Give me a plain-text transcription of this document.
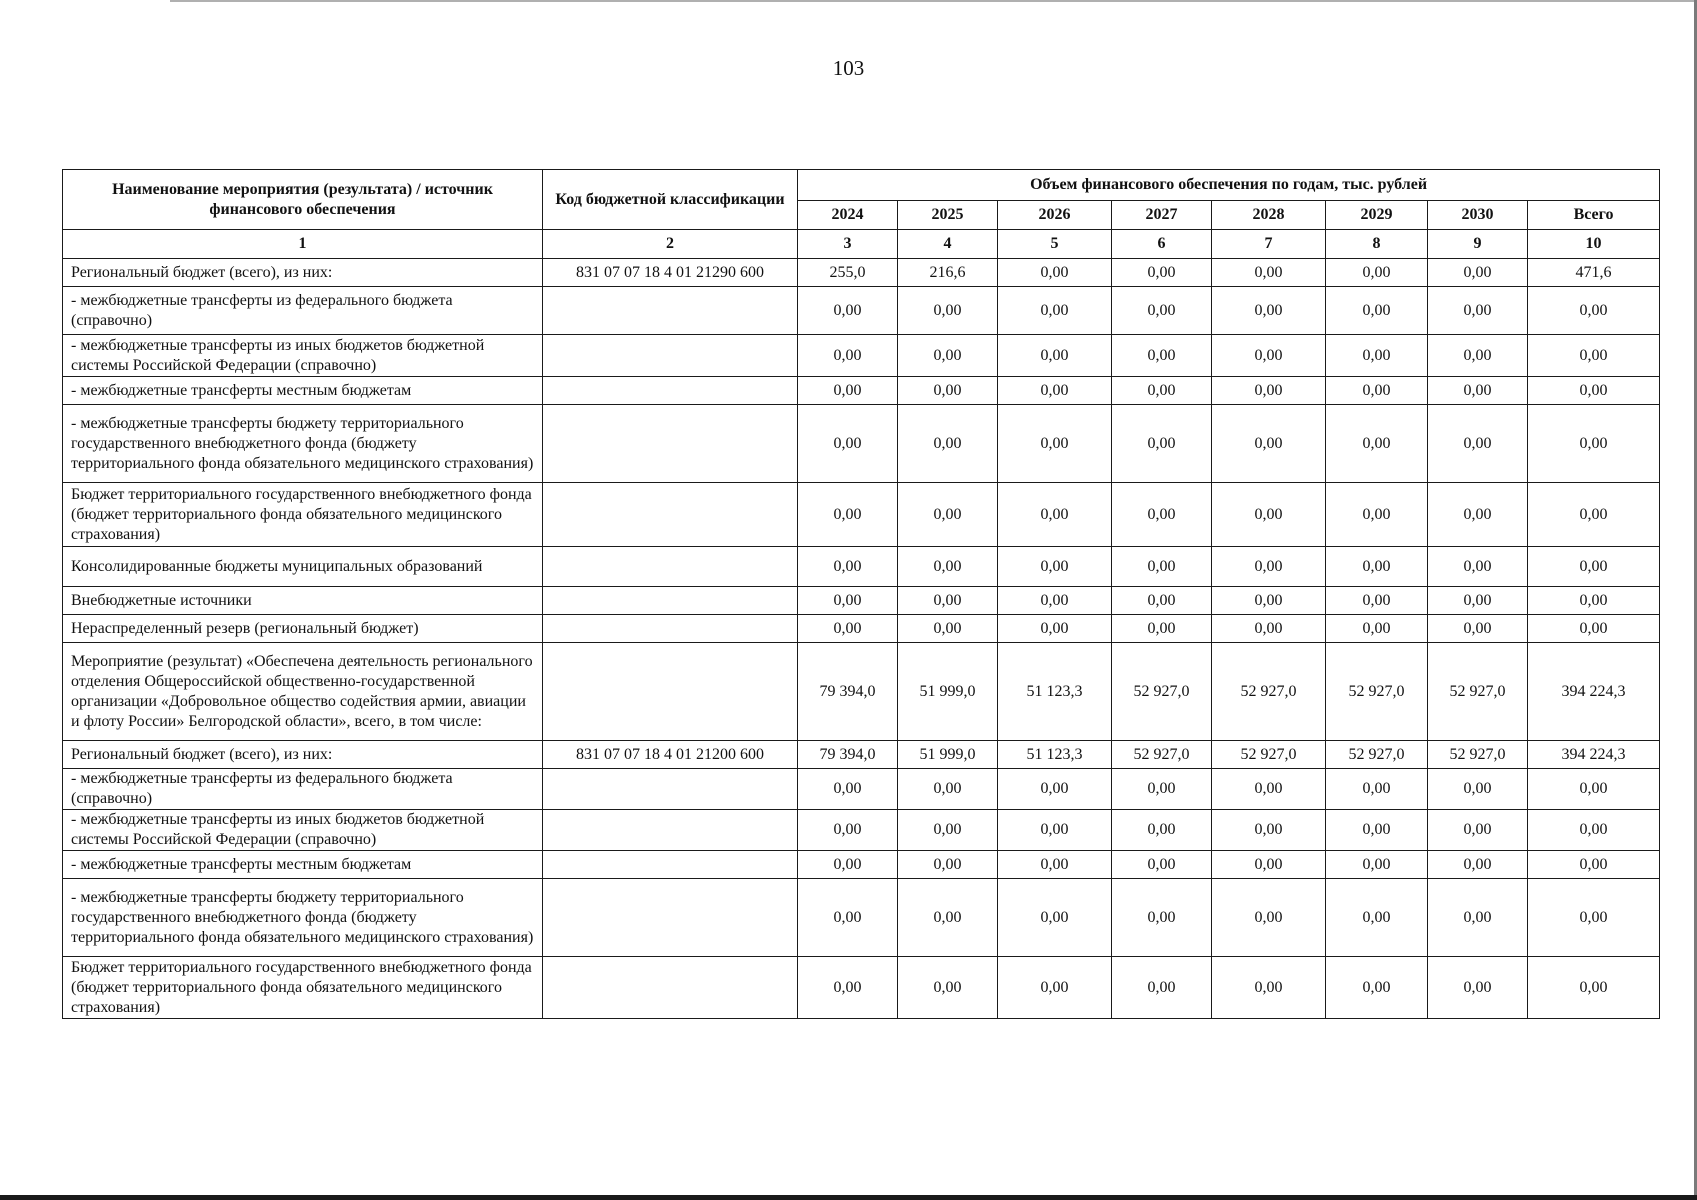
103
Наименование мероприятия (результата) / источник финансового обеспечения	Код бюджетной классификации	Объем финансового обеспечения по годам, тыс. рублей							
		2024	2025	2026	2027	2028	2029	2030	Всего
1	2	3	4	5	6	7	8	9	10
Региональный бюджет (всего), из них:	831 07 07 18 4 01 21290 600	255,0	216,6	0,00	0,00	0,00	0,00	0,00	471,6
- межбюджетные трансферты из федерального бюджета (справочно)		0,00	0,00	0,00	0,00	0,00	0,00	0,00	0,00
- межбюджетные трансферты из иных бюджетов бюджетной системы Российской Федерации (справочно)		0,00	0,00	0,00	0,00	0,00	0,00	0,00	0,00
- межбюджетные трансферты местным бюджетам		0,00	0,00	0,00	0,00	0,00	0,00	0,00	0,00
- межбюджетные трансферты бюджету территориального государственного внебюджетного фонда (бюджету территориального фонда обязательного медицинского страхования)		0,00	0,00	0,00	0,00	0,00	0,00	0,00	0,00
Бюджет территориального государственного внебюджетного фонда (бюджет территориального фонда обязательного медицинского страхования)		0,00	0,00	0,00	0,00	0,00	0,00	0,00	0,00
Консолидированные бюджеты муниципальных образований		0,00	0,00	0,00	0,00	0,00	0,00	0,00	0,00
Внебюджетные источники		0,00	0,00	0,00	0,00	0,00	0,00	0,00	0,00
Нераспределенный резерв (региональный бюджет)		0,00	0,00	0,00	0,00	0,00	0,00	0,00	0,00
Мероприятие (результат) «Обеспечена деятельность регионального отделения Общероссийской общественно-государственной организации «Добровольное общество содействия армии, авиации и флоту России» Белгородской области», всего, в том числе:		79 394,0	51 999,0	51 123,3	52 927,0	52 927,0	52 927,0	52 927,0	394 224,3
Региональный бюджет (всего), из них:	831 07 07 18 4 01 21200 600	79 394,0	51 999,0	51 123,3	52 927,0	52 927,0	52 927,0	52 927,0	394 224,3
- межбюджетные трансферты из федерального бюджета (справочно)		0,00	0,00	0,00	0,00	0,00	0,00	0,00	0,00
- межбюджетные трансферты из иных бюджетов бюджетной системы Российской Федерации (справочно)		0,00	0,00	0,00	0,00	0,00	0,00	0,00	0,00
- межбюджетные трансферты местным бюджетам		0,00	0,00	0,00	0,00	0,00	0,00	0,00	0,00
- межбюджетные трансферты бюджету территориального государственного внебюджетного фонда (бюджету территориального фонда обязательного медицинского страхования)		0,00	0,00	0,00	0,00	0,00	0,00	0,00	0,00
Бюджет территориального государственного внебюджетного фонда (бюджет территориального фонда обязательного медицинского страхования)		0,00	0,00	0,00	0,00	0,00	0,00	0,00	0,00
